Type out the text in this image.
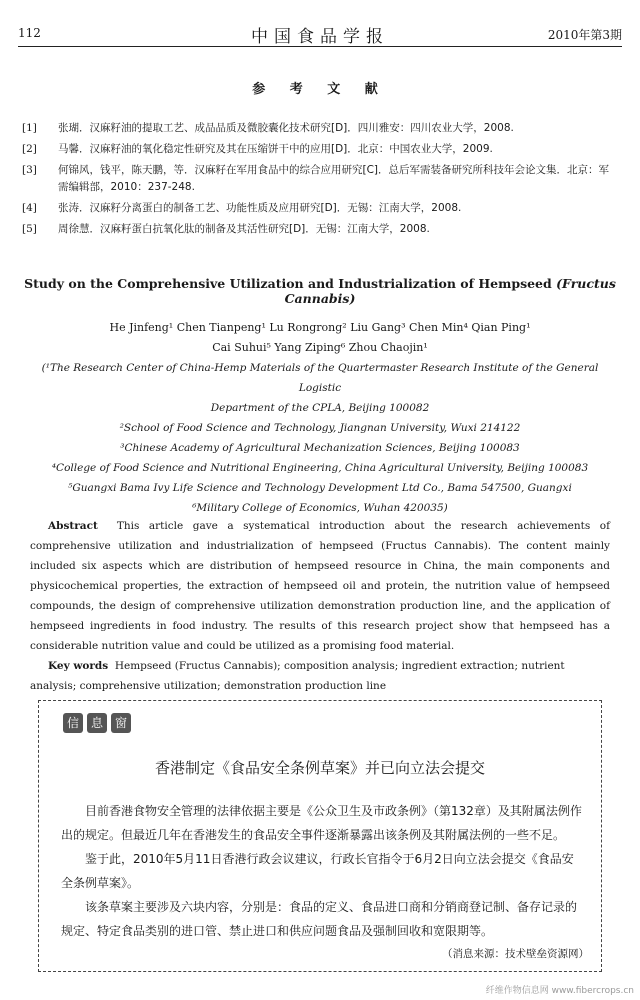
112	中国食品学报	2010年第3期
参 考 文 献
[1]	张瑚．汉麻籽油的提取工艺、成品品质及微胶囊化技术研究[D]．四川雅安：四川农业大学，2008.
[2]	马馨．汉麻籽油的氧化稳定性研究及其在压缩饼干中的应用[D]．北京：中国农业大学，2009.
[3]	何锦风，钱平，陈天鹏，等．汉麻籽在军用食品中的综合应用研究[C]．总后军需装备研究所科技年会论文集．北京：军需编辑部，2010：237-248.
[4]	张涛．汉麻籽分离蛋白的制备工艺、功能性质及应用研究[D]．无锡：江南大学，2008.
[5]	周徐慧．汉麻籽蛋白抗氧化肽的制备及其活性研究[D]．无锡：江南大学，2008.
Study on the Comprehensive Utilization and Industrialization of Hempseed (Fructus Cannabis)
He Jinfeng¹ Chen Tianpeng¹ Lu Rongrong² Liu Gang³ Chen Min⁴ Qian Ping¹
Cai Suhui⁵ Yang Ziping⁶ Zhou Chaojin¹
(¹The Research Center of China-Hemp Materials of the Quartermaster Research Institute of the General Logistic
Department of the CPLA, Beijing 100082
²School of Food Science and Technology, Jiangnan University, Wuxi 214122
³Chinese Academy of Agricultural Mechanization Sciences, Beijing 100083
⁴College of Food Science and Nutritional Engineering, China Agricultural University, Beijing 100083
⁵Guangxi Bama Ivy Life Science and Technology Development Ltd Co., Bama 547500, Guangxi
⁶Military College of Economics, Wuhan 420035)
Abstract This article gave a systematical introduction about the research achievements of comprehensive utilization and industrialization of hempseed (Fructus Cannabis). The content mainly included six aspects which are distribution of hempseed resource in China, the main components and physicochemical properties, the extraction of hempseed oil and protein, the nutrition value of hempseed compounds, the design of comprehensive utilization demonstration production line, and the application of hempseed ingredients in food industry. The results of this research project show that hempseed has a considerable nutrition value and could be utilized as a promising food material.
Key words Hempseed (Fructus Cannabis); composition analysis; ingredient extraction; nutrient analysis; comprehensive utilization; demonstration production line
信 息 窗
香港制定《食品安全条例草案》并已向立法会提交

目前香港食物安全管理的法律依据主要是《公众卫生及市政条例》（第132章）及其附属法例作出的规定。但最近几年在香港发生的食品安全事件逐渐暴露出该条例及其附属法例的一些不足。

鉴于此，2010年5月11日香港行政会议建议，行政长官指令于6月2日向立法会提交《食品安全条例草案》。

该条草案主要涉及六块内容，分别是：食品的定义、食品进口商和分销商登记制、备存记录的规定、特定食品类别的进口管、禁止进口和供应问题食品及强制回收和宽限期等。

（消息来源：技术壁垒资源网）
纤维作物信息网 www.fibercrops.cn
